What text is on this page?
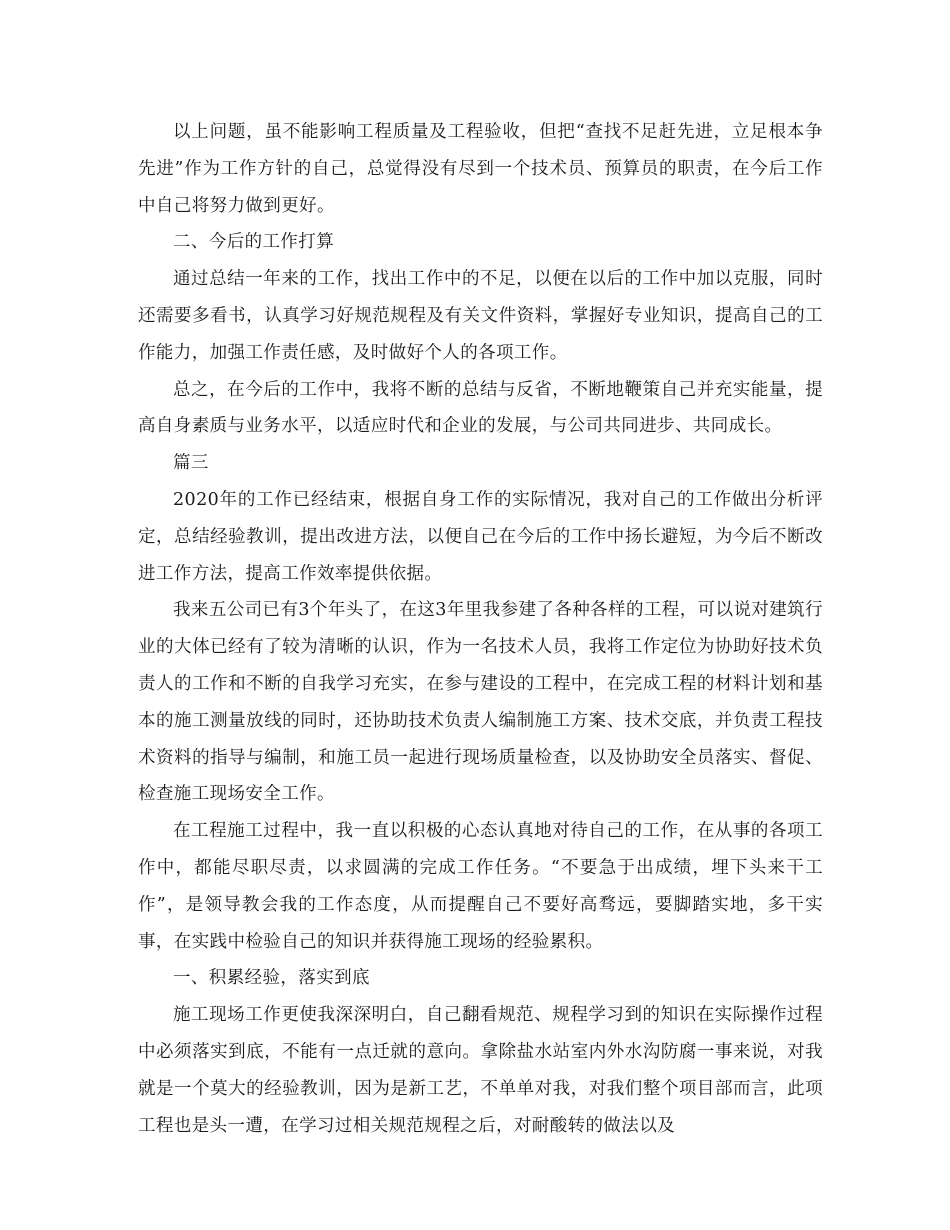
以上问题，虽不能影响工程质量及工程验收，但把“查找不足赶先进，立足根本争先进”作为工作方针的自己，总觉得没有尽到一个技术员、预算员的职责，在今后工作中自己将努力做到更好。

二、今后的工作打算

通过总结一年来的工作，找出工作中的不足，以便在以后的工作中加以克服，同时还需要多看书，认真学习好规范规程及有关文件资料，掌握好专业知识，提高自己的工作能力，加强工作责任感，及时做好个人的各项工作。

总之，在今后的工作中，我将不断的总结与反省，不断地鞭策自己并充实能量，提高自身素质与业务水平，以适应时代和企业的发展，与公司共同进步、共同成长。

篇三

2020年的工作已经结束，根据自身工作的实际情况，我对自己的工作做出分析评定，总结经验教训，提出改进方法，以便自己在今后的工作中扬长避短，为今后不断改进工作方法，提高工作效率提供依据。

我来五公司已有3个年头了，在这3年里我参建了各种各样的工程，可以说对建筑行业的大体已经有了较为清晰的认识，作为一名技术人员，我将工作定位为协助好技术负责人的工作和不断的自我学习充实，在参与建设的工程中，在完成工程的材料计划和基本的施工测量放线的同时，还协助技术负责人编制施工方案、技术交底，并负责工程技术资料的指导与编制，和施工员一起进行现场质量检查，以及协助安全员落实、督促、检查施工现场安全工作。

在工程施工过程中，我一直以积极的心态认真地对待自己的工作，在从事的各项工作中，都能尽职尽责，以求圆满的完成工作任务。“不要急于出成绩，埋下头来干工作”，是领导教会我的工作态度，从而提醒自己不要好高骛远，要脚踏实地，多干实事，在实践中检验自己的知识并获得施工现场的经验累积。

一、积累经验，落实到底

施工现场工作更使我深深明白，自己翻看规范、规程学习到的知识在实际操作过程中必须落实到底，不能有一点迁就的意向。拿除盐水站室内外水沟防腐一事来说，对我就是一个莫大的经验教训，因为是新工艺，不单单对我，对我们整个项目部而言，此项工程也是头一遭，在学习过相关规范规程之后，对耐酸转的做法以及
